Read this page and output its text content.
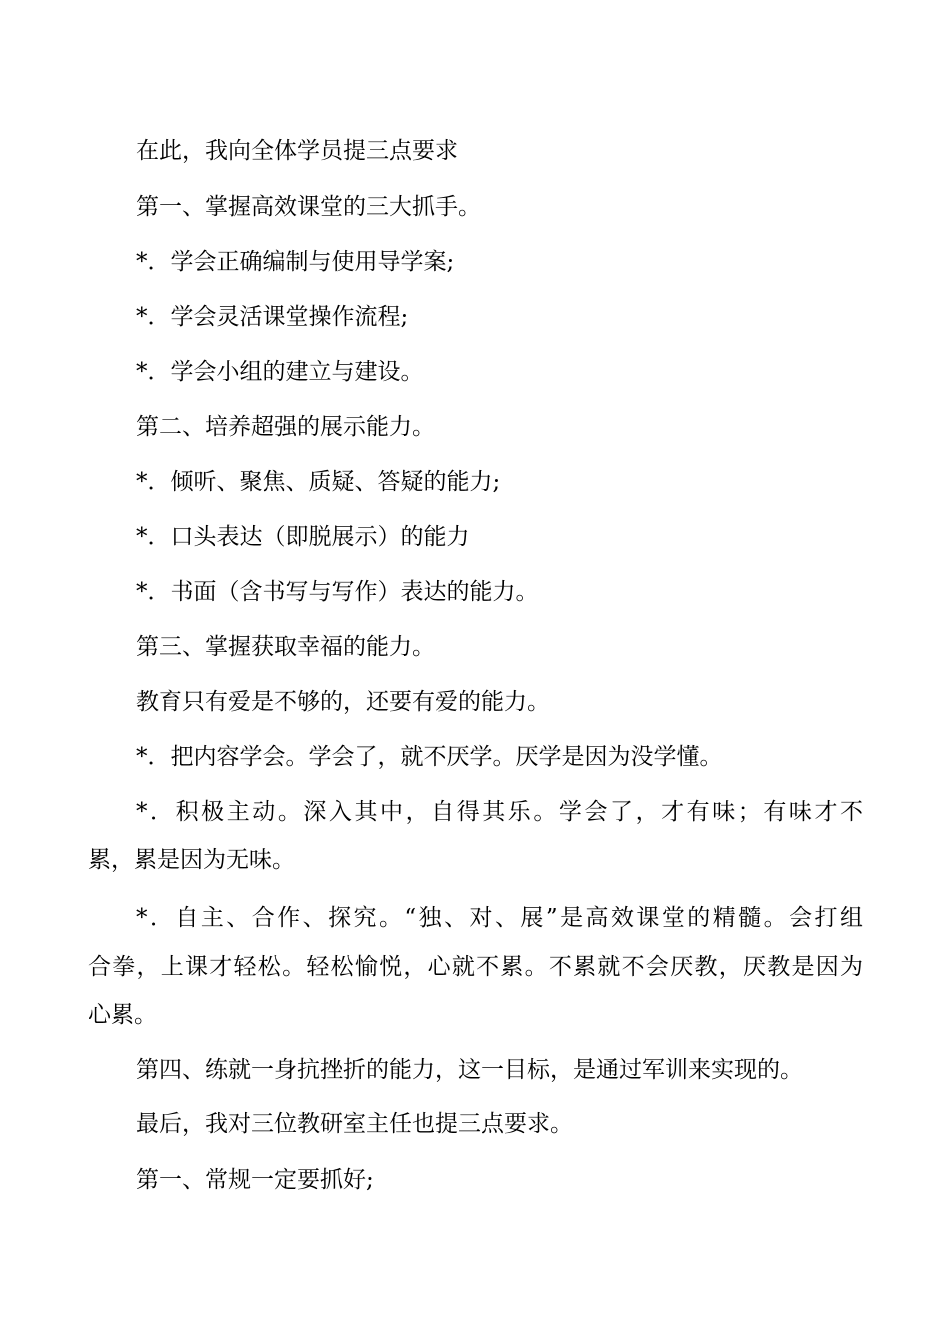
在此，我向全体学员提三点要求

第一、掌握高效课堂的三大抓手。

*．学会正确编制与使用导学案;

*．学会灵活课堂操作流程;

*．学会小组的建立与建设。

第二、培养超强的展示能力。

*．倾听、聚焦、质疑、答疑的能力;

*．口头表达（即脱展示）的能力

*．书面（含书写与写作）表达的能力。

第三、掌握获取幸福的能力。

教育只有爱是不够的，还要有爱的能力。

*．把内容学会。学会了，就不厌学。厌学是因为没学懂。

*．积极主动。深入其中，自得其乐。学会了，才有味；有味才不

累，累是因为无味。

*．自主、合作、探究。“独、对、展”是高效课堂的精髓。会打组

合拳，上课才轻松。轻松愉悦，心就不累。不累就不会厌教，厌教是因为

心累。

第四、练就一身抗挫折的能力，这一目标，是通过军训来实现的。

最后，我对三位教研室主任也提三点要求。

第一、常规一定要抓好;
